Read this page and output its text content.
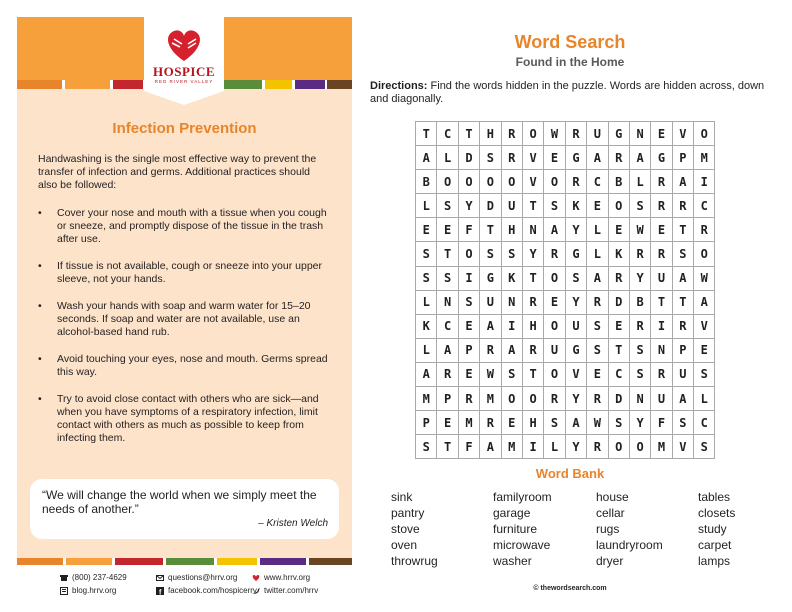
HOSPICE
RED RIVER VALLEY
Infection Prevention
Handwashing is the single most effective way to prevent the transfer of infection and germs. Additional practices should also be followed:
• Cover your nose and mouth with a tissue when you cough or sneeze, and promptly dispose of the tissue in the trash after use.
• If tissue is not available, cough or sneeze into your upper sleeve, not your hands.
• Wash your hands with soap and warm water for 15–20 seconds. If soap and water are not available, use an alcohol-based hand rub.
• Avoid touching your eyes, nose and mouth. Germs spread this way.
• Try to avoid close contact with others who are sick—and when you have symptoms of a respiratory infection, limit contact with others as much as possible to keep from infecting them.
“We will change the world when we simply meet the needs of another.”
– Kristen Welch
(800) 237-4629	questions@hrrv.org	www.hrrv.org
blog.hrrv.org	f facebook.com/hospicerrv twitter.com/hrrv
Word Search
Found in the Home
Directions: Find the words hidden in the puzzle. Words are hidden across, down and diagonally.
T	C	T	H	R	O	W	R	U	G	N	E	V	O
A	L	D	S	R	V	E	G	A	R	A	G	P	M
B	O	O	O	O	V	O	R	C	B	L	R	A	I
L	S	Y	D	U	T	S	K	E	O	S	R	R	C
E	E	F	T	H	N	A	Y	L	E	W	E	T	R
S	T	O	S	S	Y	R	G	L	K	R	R	S	O
S	S	I	G	K	T	O	S	A	R	Y	U	A	W
L	N	S	U	N	R	E	Y	R	D	B	T	T	A
K	C	E	A	I	H	O	U	S	E	R	I	R	V
L	A	P	R	A	R	U	G	S	T	S	N	P	E
A	R	E	W	S	T	O	V	E	C	S	R	U	S
M	P	R	M	O	O	R	Y	R	D	N	U	A	L
P	E	M	R	E	H	S	A	W	S	Y	F	S	C
S	T	F	A	M	I	L	Y	R	O	O	M	V	S
Word Bank
sink
pantry
stove
oven
throwrug
familyroom
garage
furniture
microwave
washer
house
cellar
rugs
laundryroom
dryer
tables
closets
study
carpet
lamps
© thewordsearch.com
